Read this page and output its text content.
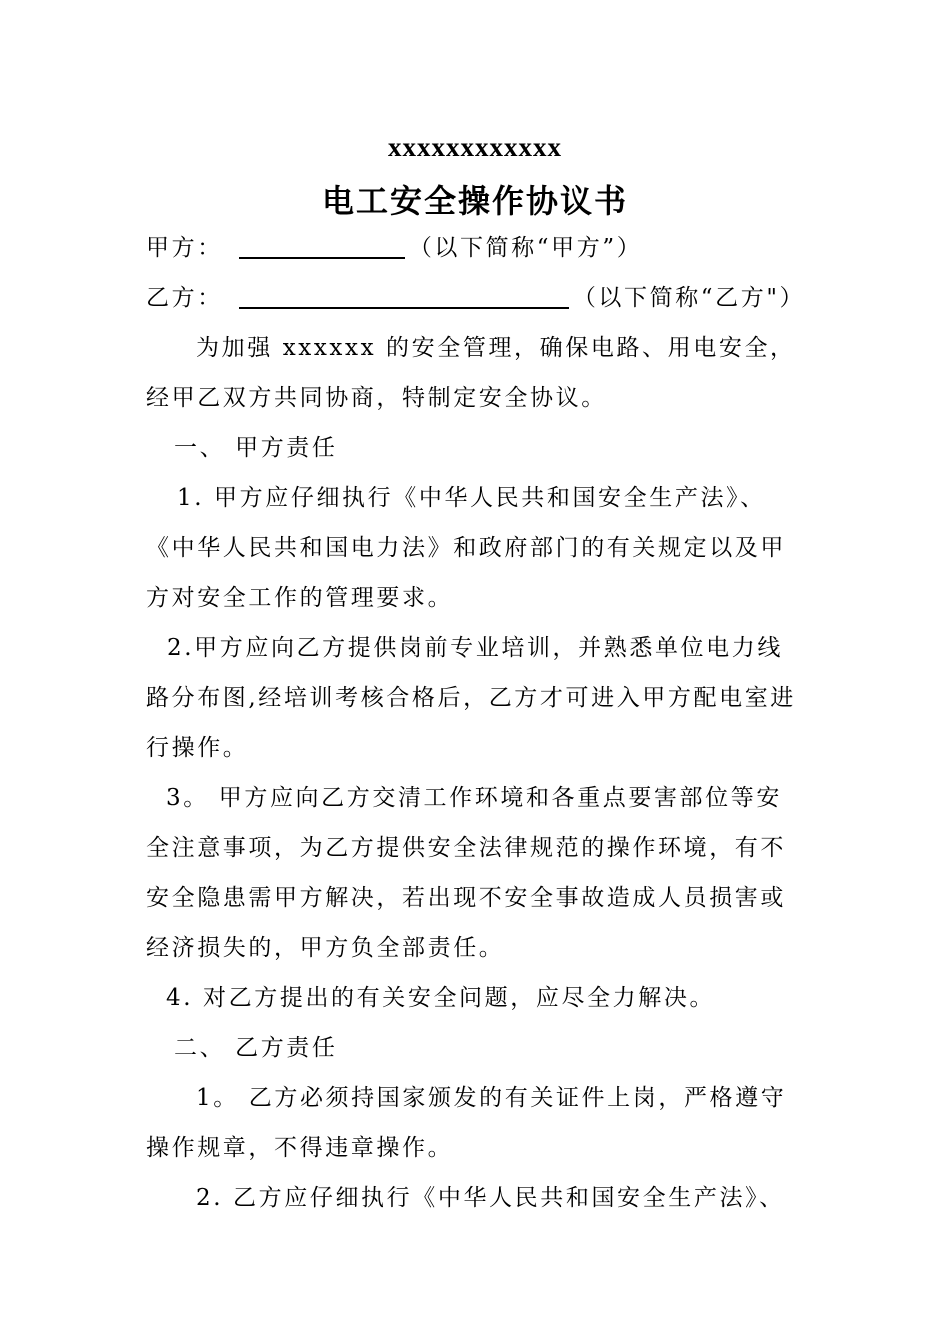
xxxxxxxxxxxx
电工安全操作协议书
甲方：	（以下简称“甲方”）
乙方：	（以下简称“乙方"）
为加强 xxxxxx 的安全管理，确保电路、用电安全，
经甲乙双方共同协商，特制定安全协议。
一、 甲方责任
1. 甲方应仔细执行《中华人民共和国安全生产法》、
《中华人民共和国电力法》和政府部门的有关规定以及甲
方对安全工作的管理要求。
2.甲方应向乙方提供岗前专业培训，并熟悉单位电力线
路分布图,经培训考核合格后，乙方才可进入甲方配电室进
行操作。
3。 甲方应向乙方交清工作环境和各重点要害部位等安
全注意事项，为乙方提供安全法律规范的操作环境，有不
安全隐患需甲方解决，若出现不安全事故造成人员损害或
经济损失的，甲方负全部责任。
4. 对乙方提出的有关安全问题，应尽全力解决。
二、 乙方责任
1。 乙方必须持国家颁发的有关证件上岗，严格遵守
操作规章，不得违章操作。
2. 乙方应仔细执行《中华人民共和国安全生产法》、
